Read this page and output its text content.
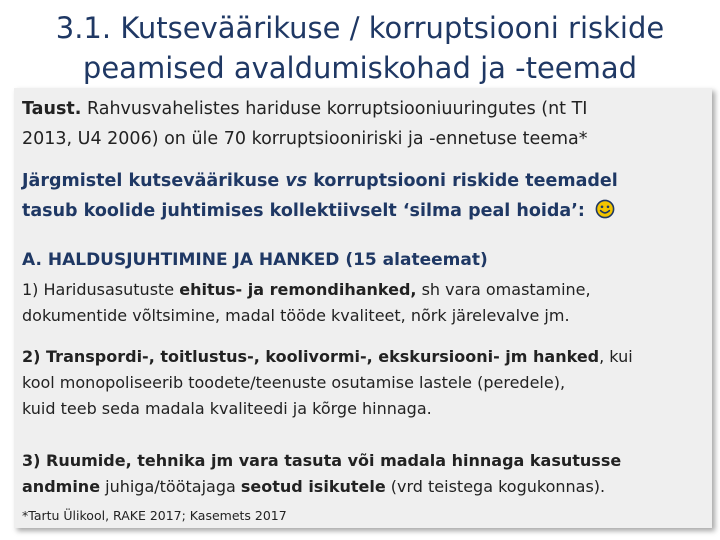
3.1. Kutseväärikuse / korruptsiooni riskide
peamised avaldumiskohad ja -teemad

Taust. Rahvusvahelistes hariduse korruptsiooniuuringutes (nt TI
2013, U4 2006) on üle 70 korruptsiooniriski ja -ennetuse teema*

Järgmistel kutseväärikuse vs korruptsiooni riskide teemadel
tasub koolide juhtimises kollektiivselt ‘silma peal hoida’:

A. HALDUSJUHTIMINE JA HANKED (15 alateemat)

1) Haridusasutuste ehitus- ja remondihanked, sh vara omastamine,
dokumentide võltsimine, madal tööde kvaliteet, nõrk järelevalve jm.

2) Transpordi-, toitlustus-, koolivormi-, ekskursiooni- jm hanked, kui
kool monopoliseerib toodete/teenuste osutamise lastele (peredele),
kuid teeb seda madala kvaliteedi ja kõrge hinnaga.

3) Ruumide, tehnika jm vara tasuta või madala hinnaga kasutusse
andmine juhiga/töötajaga seotud isikutele (vrd teistega kogukonnas).

*Tartu Ülikool, RAKE 2017; Kasemets 2017
